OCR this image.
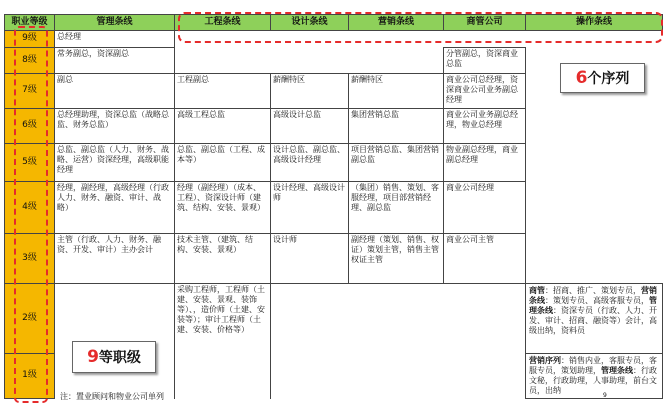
职业等级	管理条线	工程条线	设计条线	营销条线	商管公司	操作条线
9级	总经理					
8级	常务副总，资深副总				分管副总，资深商业总监	
7级	副总	工程副总	薪酬特区	薪酬特区	商业公司总经理，资深商业公司业务副总经理	
6级	总经理助理，资深总监（战略总监、财务总监）	高级工程总监	高级设计总监	集团营销总监	商业公司业务副总经理，物业总经理	
5级	总监、副总监（人力、财务、战略、运营）资深经理，高级职能经理	总监、副总监（工程、成本等）	设计总监、副总监、高级设计经理	项目营销总监、集团营销副总监	物业副总经理，商业副总经理	
4级	经理，副经理，高级经理（行政人力、财务、融资、审计、战略）	经理（副经理）（成本、工程）、资深设计师（建筑、结构、安装、景观）	设计经理、高级设计师	（集团）销售、策划、客服经理，项目部营销经理、副总监	商业公司经理	
3级	主管（行政、人力、财务、融资、开发、审计）主办会计	技术主管、（建筑、结构、安装、景观）	设计师	副经理（策划、销售、权证）策划主管，销售主管权证主管	商业公司主管	
2级		采购工程师，工程师（土建、安装、景观、装饰等）、，造价师（土建、安装等）；审计工程师（土建、安装、价格等）				商管：招商、推广、策划专员，营销条线：策划专员、高级客服专员，管理条线：资深专员（行政、人力、开发、审计、招商、融资等）会计，高级出纳，资料员
1级						营销序列：销售内业，客服专员，客服专员，策划助理，管理条线：行政文秘，行政助理，人事助理，前台文员，出纳
6 个序列
9 等职级
注：置业顾问和物业公司单列	9
